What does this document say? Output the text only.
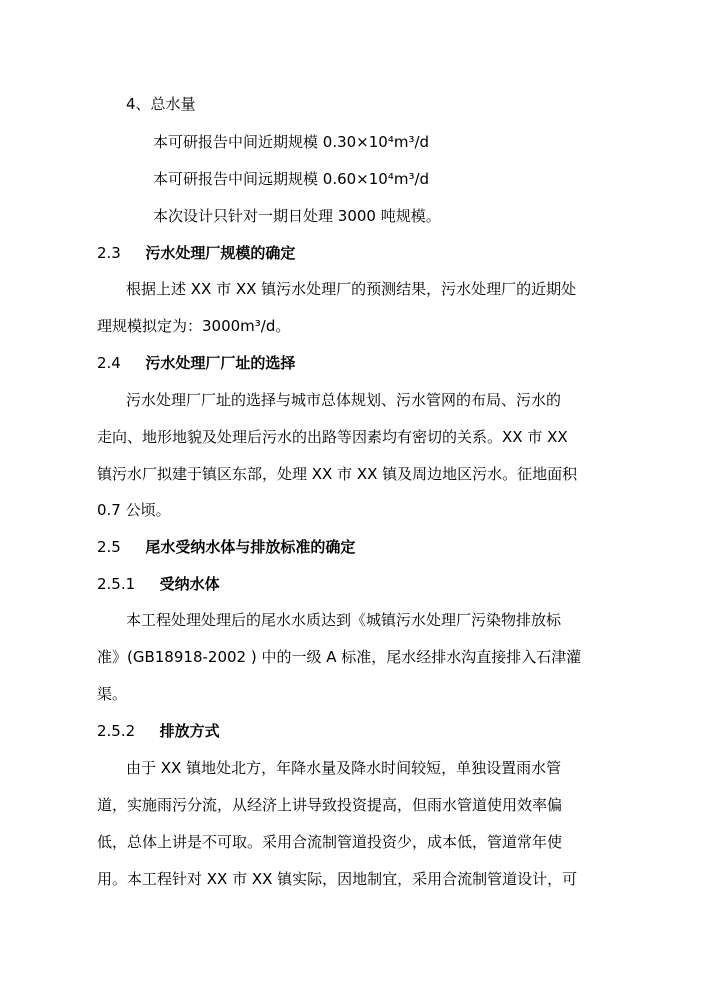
4、总水量
本可研报告中间近期规模 0.30×10⁴m³/d
本可研报告中间远期规模 0.60×10⁴m³/d
本次设计只针对一期日处理 3000 吨规模。
2.3 污水处理厂规模的确定
根据上述 XX 市 XX 镇污水处理厂的预测结果，污水处理厂的近期处
理规模拟定为：3000m³/d。
2.4 污水处理厂厂址的选择
污水处理厂厂址的选择与城市总体规划、污水管网的布局、污水的
走向、地形地貌及处理后污水的出路等因素均有密切的关系。XX 市 XX
镇污水厂拟建于镇区东部，处理 XX 市 XX 镇及周边地区污水。征地面积
0.7 公顷。
2.5 尾水受纳水体与排放标准的确定
2.5.1 受纳水体
本工程处理处理后的尾水水质达到《城镇污水处理厂污染物排放标
准》(GB18918-2002 ) 中的一级 A 标准，尾水经排水沟直接排入石津灌
渠。
2.5.2 排放方式
由于 XX 镇地处北方，年降水量及降水时间较短，单独设置雨水管
道，实施雨污分流，从经济上讲导致投资提高，但雨水管道使用效率偏
低，总体上讲是不可取。采用合流制管道投资少，成本低，管道常年使
用。本工程针对 XX 市 XX 镇实际，因地制宜，采用合流制管道设计，可
